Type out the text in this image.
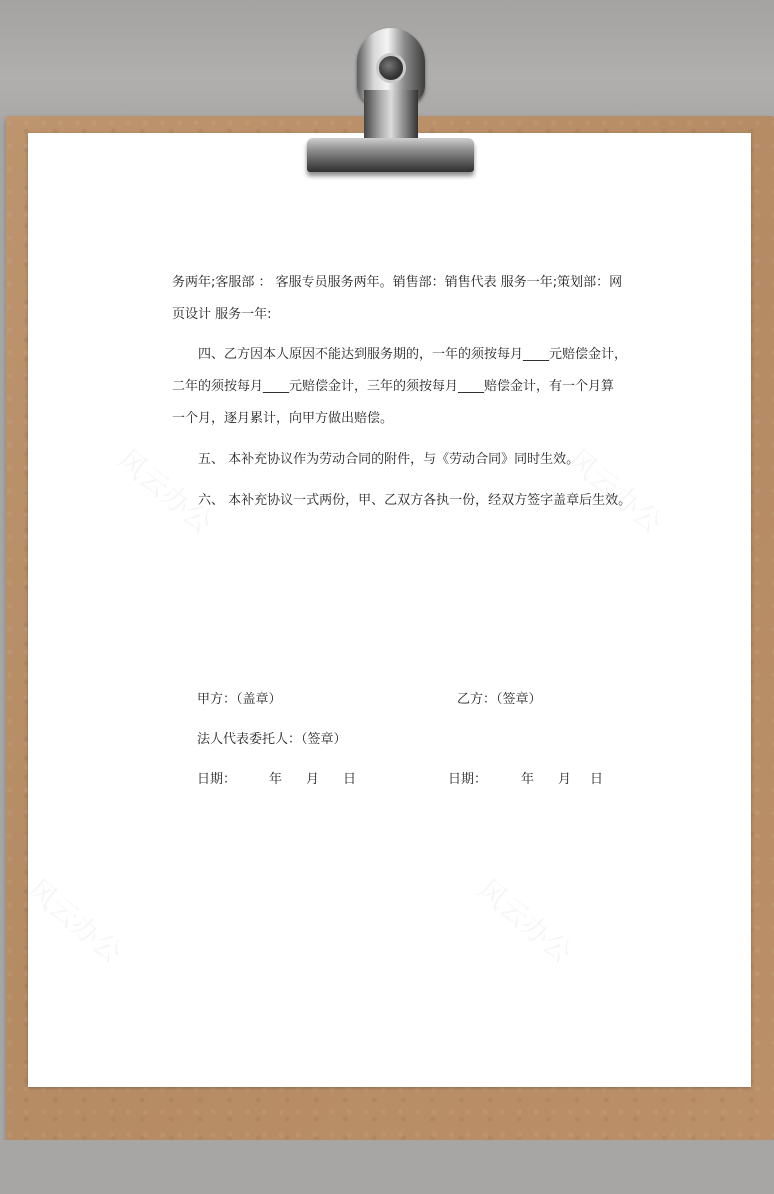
风云办公	风云办公
风云办公	风云办公
务两年;客服部 ： 客服专员服务两年。销售部：销售代表 服务一年;策划部：网
页设计 服务一年:
四、乙方因本人原因不能达到服务期的，一年的须按每月____元赔偿金计，
二年的须按每月____元赔偿金计，三年的须按每月____赔偿金计，有一个月算
一个月，逐月累计，向甲方做出赔偿。
五、 本补充协议作为劳动合同的附件，与《劳动合同》同时生效。
六、 本补充协议一式两份，甲、乙双方各执一份，经双方签字盖章后生效。
甲方：（盖章）	乙方：（签章）
法人代表委托人：（签章）
日期：	年 月 日	日期：	年 月 日
